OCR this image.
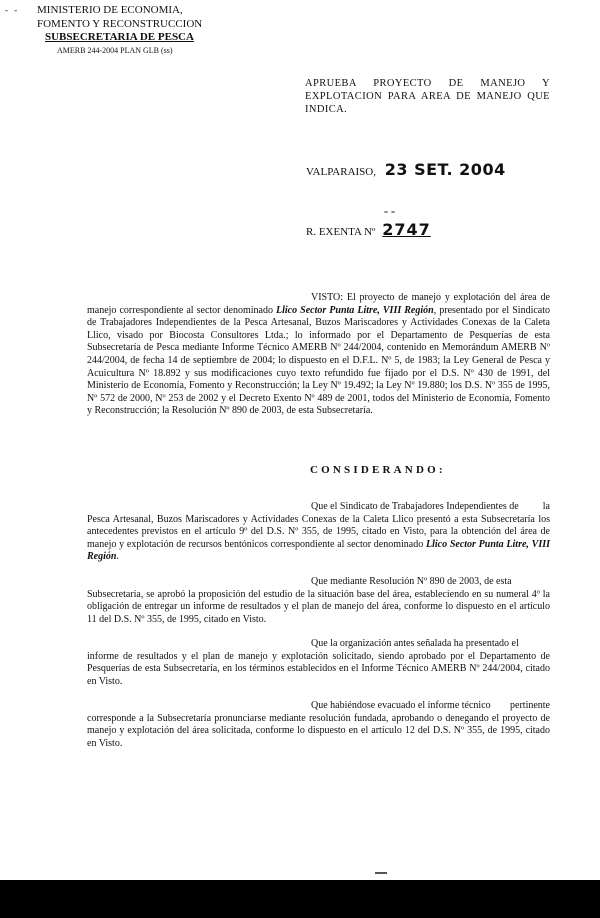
- - MINISTERIO DE ECONOMIA,
FOMENTO Y RECONSTRUCCION
SUBSECRETARIA DE PESCA
AMERB 244-2004 PLAN GLB (ss)
APRUEBA PROYECTO DE MANEJO Y EXPLOTACION PARA AREA DE MANEJO QUE INDICA.
VALPARAISO, 23 SET. 2004
- -
R. EXENTA Nº 2747
VISTO: El proyecto de manejo y explotación del área de manejo correspondiente al sector denominado Llico Sector Punta Litre, VIII Región, presentado por el Sindicato de Trabajadores Independientes de la Pesca Artesanal, Buzos Mariscadores y Actividades Conexas de la Caleta Llico, visado por Biocosta Consultores Ltda.; lo informado por el Departamento de Pesquerías de esta Subsecretaría de Pesca mediante Informe Técnico AMERB Nº 244/2004, contenido en Memorándum AMERB Nº 244/2004, de fecha 14 de septiembre de 2004; lo dispuesto en el D.F.L. Nº 5, de 1983; la Ley General de Pesca y Acuicultura Nº 18.892 y sus modificaciones cuyo texto refundido fue fijado por el D.S. Nº 430 de 1991, del Ministerio de Economía, Fomento y Reconstrucción; la Ley Nº 19.492; la Ley Nº 19.880; los D.S. Nº 355 de 1995, Nº 572 de 2000, Nº 253 de 2002 y el Decreto Exento Nº 489 de 2001, todos del Ministerio de Economía, Fomento y Reconstrucción; la Resolución Nº 890 de 2003, de esta Subsecretaría.
CONSIDERANDO:
Que el Sindicato de Trabajadores Independientes de la Pesca Artesanal, Buzos Mariscadores y Actividades Conexas de la Caleta Llico presentó a esta Subsecretaría los antecedentes previstos en el artículo 9º del D.S. Nº 355, de 1995, citado en Visto, para la obtención del área de manejo y explotación de recursos bentónicos correspondiente al sector denominado Llico Sector Punta Litre, VIII Región.
Que mediante Resolución Nº 890 de 2003, de esta Subsecretaría, se aprobó la proposición del estudio de la situación base del área, estableciendo en su numeral 4º la obligación de entregar un informe de resultados y el plan de manejo del área, conforme lo dispuesto en el artículo 11 del D.S. Nº 355, de 1995, citado en Visto.
Que la organización antes señalada ha presentado el informe de resultados y el plan de manejo y explotación solicitado, siendo aprobado por el Departamento de Pesquerías de esta Subsecretaría, en los términos establecidos en el Informe Técnico AMERB Nº 244/2004, citado en Visto.
Que habiéndose evacuado el informe técnico pertinente corresponde a la Subsecretaría pronunciarse mediante resolución fundada, aprobando o denegando el proyecto de manejo y explotación del área solicitada, conforme lo dispuesto en el artículo 12 del D.S. Nº 355, de 1995, citado en Visto.
